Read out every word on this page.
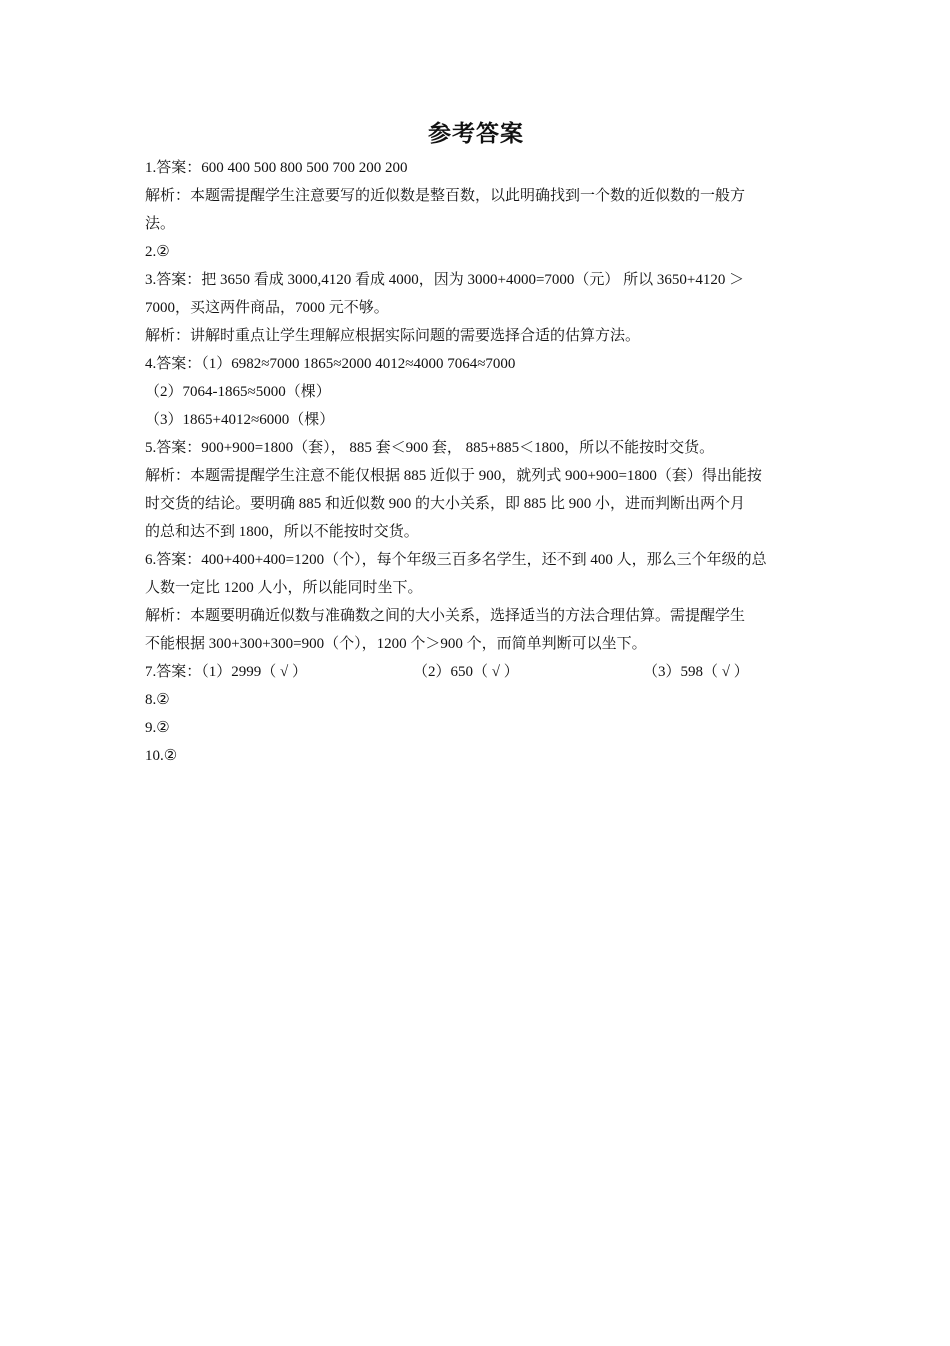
参考答案
1.答案：600 400 500 800 500 700 200 200
解析：本题需提醒学生注意要写的近似数是整百数，以此明确找到一个数的近似数的一般方
法。
2.②
3.答案：把 3650 看成 3000,4120 看成 4000，因为 3000+4000=7000（元） 所以 3650+4120 ＞
7000，买这两件商品，7000 元不够。
解析：讲解时重点让学生理解应根据实际问题的需要选择合适的估算方法。
4.答案：（1）6982≈7000 1865≈2000 4012≈4000 7064≈7000
（2）7064-1865≈5000（棵）
（3）1865+4012≈6000（棵）
5.答案：900+900=1800（套）， 885 套＜900 套， 885+885＜1800，所以不能按时交货。
解析：本题需提醒学生注意不能仅根据 885 近似于 900，就列式 900+900=1800（套）得出能按
时交货的结论。要明确 885 和近似数 900 的大小关系，即 885 比 900 小，进而判断出两个月
的总和达不到 1800，所以不能按时交货。
6.答案：400+400+400=1200（个），每个年级三百多名学生，还不到 400 人，那么三个年级的总
人数一定比 1200 人小，所以能同时坐下。
解析：本题要明确近似数与准确数之间的大小关系，选择适当的方法合理估算。需提醒学生
不能根据 300+300+300=900（个），1200 个＞900 个，而简单判断可以坐下。
7.答案：（1）2999（ √ ）	（2）650（ √ ）	（3）598（ √ ）
8.②
9.②
10.②
